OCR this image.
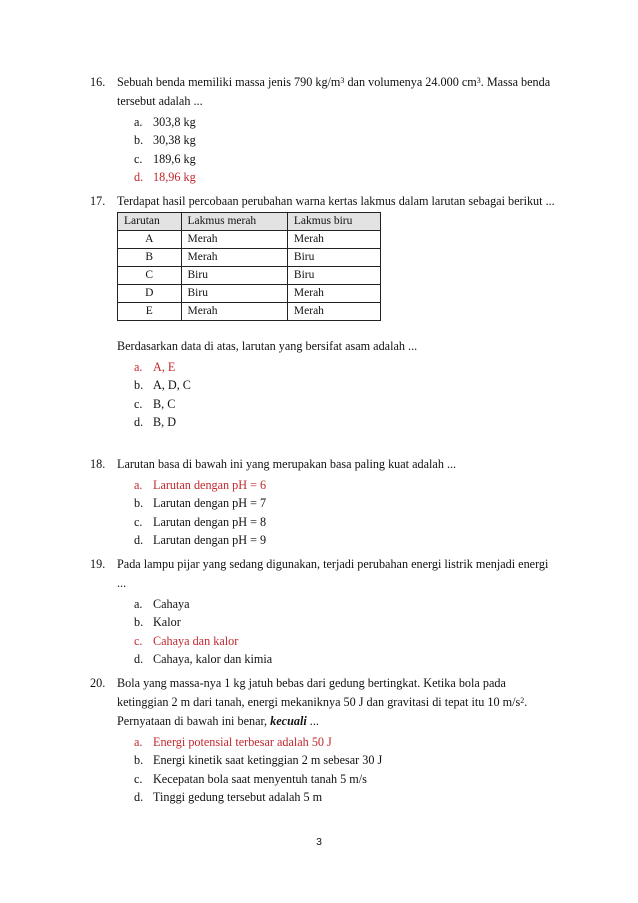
16. Sebuah benda memiliki massa jenis 790 $kg/m^3$ dan volumenya 24.000 $cm^3$. Massa benda tersebut adalah ...
a. 303,8 kg
b. 30,38 kg
c. 189,6 kg
d. 18,96 kg
17. Terdapat hasil percobaan perubahan warna kertas lakmus dalam larutan sebagai berikut ...
Larutan	Lakmus merah	Lakmus biru
A	Merah	Merah
B	Merah	Biru
C	Biru	Biru
D	Biru	Merah
E	Merah	Merah
Berdasarkan data di atas, larutan yang bersifat asam adalah ...
a. A, E
b. A, D, C
c. B, C
d. B, D
18. Larutan basa di bawah ini yang merupakan basa paling kuat adalah ...
a. Larutan dengan pH = 6
b. Larutan dengan pH = 7
c. Larutan dengan pH = 8
d. Larutan dengan pH = 9
19. Pada lampu pijar yang sedang digunakan, terjadi perubahan energi listrik menjadi energi ...
a. Cahaya
b. Kalor
c. Cahaya dan kalor
d. Cahaya, kalor dan kimia
20. Bola yang massa-nya 1 kg jatuh bebas dari gedung bertingkat. Ketika bola pada ketinggian 2 m dari tanah, energi mekaniknya 50 J dan gravitasi di tepat itu 10 $m/s^2$. Pernyataan di bawah ini benar, kecuali ...
a. Energi potensial terbesar adalah 50 J
b. Energi kinetik saat ketinggian 2 m sebesar 30 J
c. Kecepatan bola saat menyentuh tanah 5 m/s
d. Tinggi gedung tersebut adalah 5 m
3
